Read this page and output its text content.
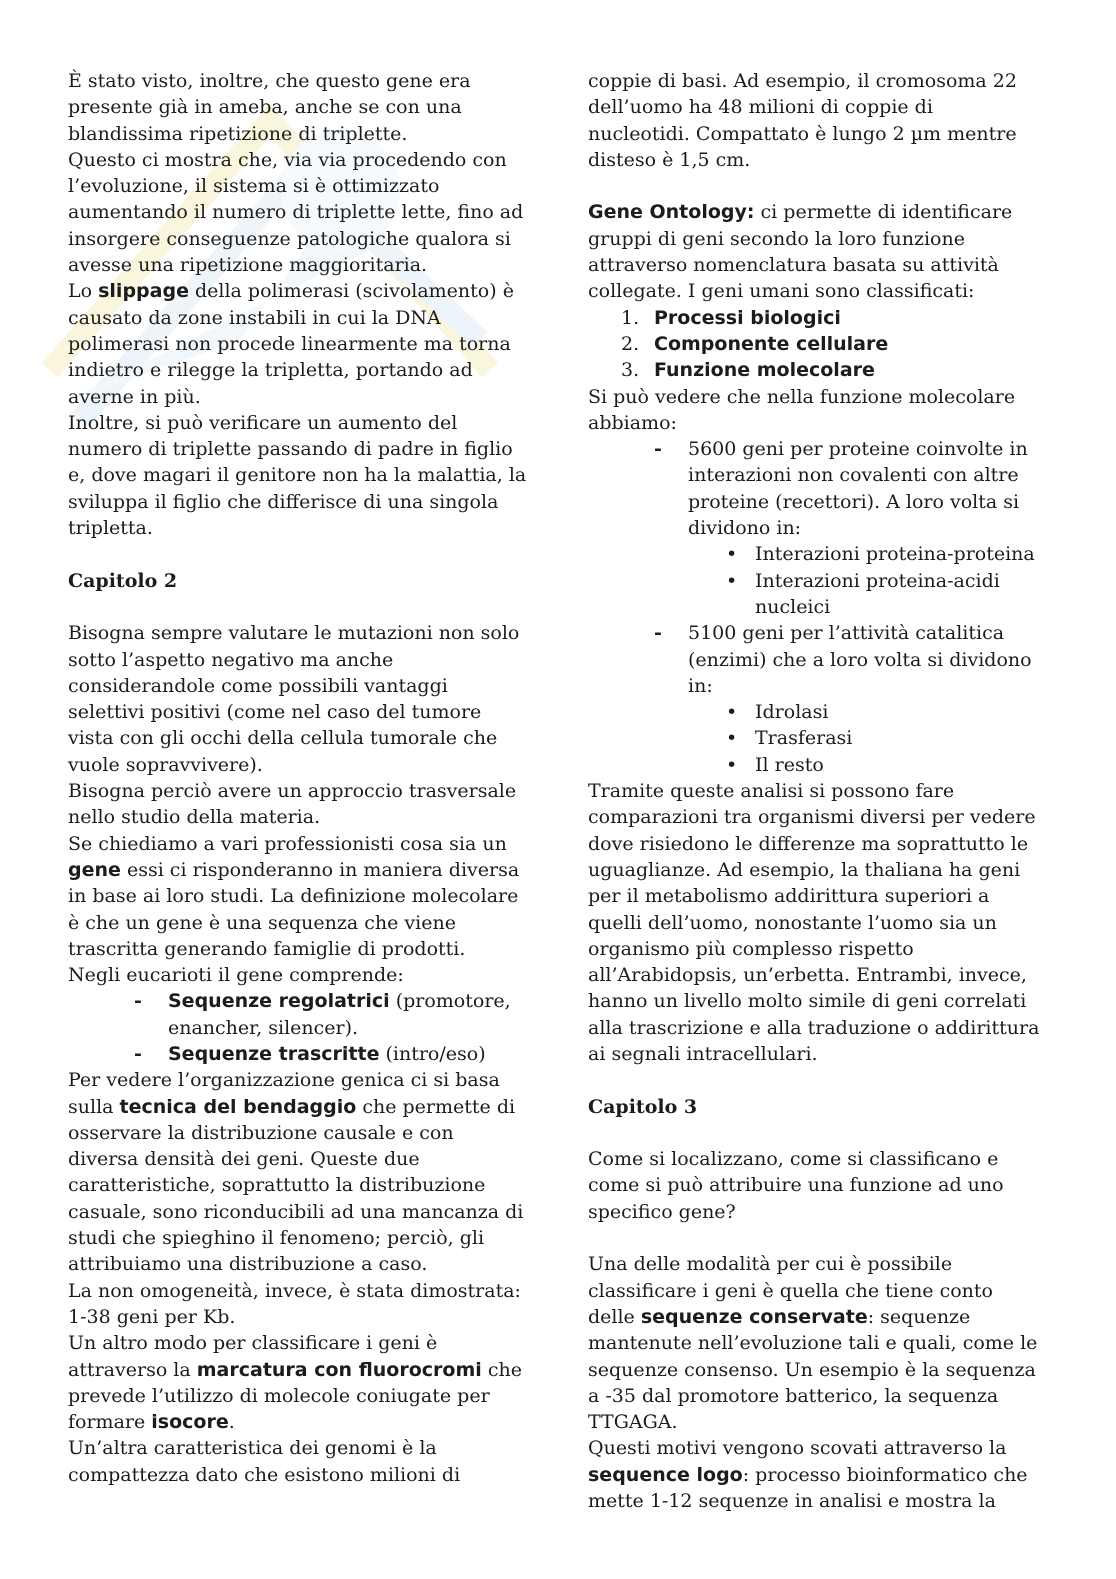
È stato visto, inoltre, che questo gene era presente già in ameba, anche se con una blandissima ripetizione di triplette.

Questo ci mostra che, via via procedendo con l’evoluzione, il sistema si è ottimizzato aumentando il numero di triplette lette, fino ad insorgere conseguenze patologiche qualora si avesse una ripetizione maggioritaria.

Lo slippage della polimerasi (scivolamento) è causato da zone instabili in cui la DNA polimerasi non procede linearmente ma torna indietro e rilegge la tripletta, portando ad averne in più.

Inoltre, si può verificare un aumento del numero di triplette passando di padre in figlio e, dove magari il genitore non ha la malattia, la sviluppa il figlio che differisce di una singola tripletta.

Capitolo 2

Bisogna sempre valutare le mutazioni non solo sotto l’aspetto negativo ma anche considerandole come possibili vantaggi selettivi positivi (come nel caso del tumore vista con gli occhi della cellula tumorale che vuole sopravvivere).

Bisogna perciò avere un approccio trasversale nello studio della materia.

Se chiediamo a vari professionisti cosa sia un gene essi ci risponderanno in maniera diversa in base ai loro studi. La definizione molecolare è che un gene è una sequenza che viene trascritta generando famiglie di prodotti.

Negli eucarioti il gene comprende:

- Sequenze regolatrici (promotore, enancher, silencer).
- Sequenze trascritte (intro/eso)

Per vedere l’organizzazione genica ci si basa sulla tecnica del bendaggio che permette di osservare la distribuzione causale e con diversa densità dei geni. Queste due caratteristiche, soprattutto la distribuzione casuale, sono riconducibili ad una mancanza di studi che spieghino il fenomeno; perciò, gli attribuiamo una distribuzione a caso.

La non omogeneità, invece, è stata dimostrata: 1-38 geni per Kb.

Un altro modo per classificare i geni è attraverso la marcatura con fluorocromi che prevede l’utilizzo di molecole coniugate per formare isocore.

Un’altra caratteristica dei genomi è la compattezza dato che esistono milioni di

coppie di basi. Ad esempio, il cromosoma 22 dell’uomo ha 48 milioni di coppie di nucleotidi. Compattato è lungo 2 µm mentre disteso è 1,5 cm.

Gene Ontology: ci permette di identificare gruppi di geni secondo la loro funzione attraverso nomenclatura basata su attività collegate. I geni umani sono classificati:

1. Processi biologici
2. Componente cellulare
3. Funzione molecolare

Si può vedere che nella funzione molecolare abbiamo:

- 5600 geni per proteine coinvolte in interazioni non covalenti con altre proteine (recettori). A loro volta si dividono in:
• Interazioni proteina-proteina
• Interazioni proteina-acidi nucleici
- 5100 geni per l’attività catalitica (enzimi) che a loro volta si dividono in:
• Idrolasi
• Trasferasi
• Il resto

Tramite queste analisi si possono fare comparazioni tra organismi diversi per vedere dove risiedono le differenze ma soprattutto le uguaglianze. Ad esempio, la thaliana ha geni per il metabolismo addirittura superiori a quelli dell’uomo, nonostante l’uomo sia un organismo più complesso rispetto all’Arabidopsis, un’erbetta. Entrambi, invece, hanno un livello molto simile di geni correlati alla trascrizione e alla traduzione o addirittura ai segnali intracellulari.

Capitolo 3

Come si localizzano, come si classificano e come si può attribuire una funzione ad uno specifico gene?

Una delle modalità per cui è possibile classificare i geni è quella che tiene conto delle sequenze conservate: sequenze mantenute nell’evoluzione tali e quali, come le sequenze consenso. Un esempio è la sequenza a -35 dal promotore batterico, la sequenza TTGAGA.

Questi motivi vengono scovati attraverso la

sequence logo: processo bioinformatico che mette 1-12 sequenze in analisi e mostra la
